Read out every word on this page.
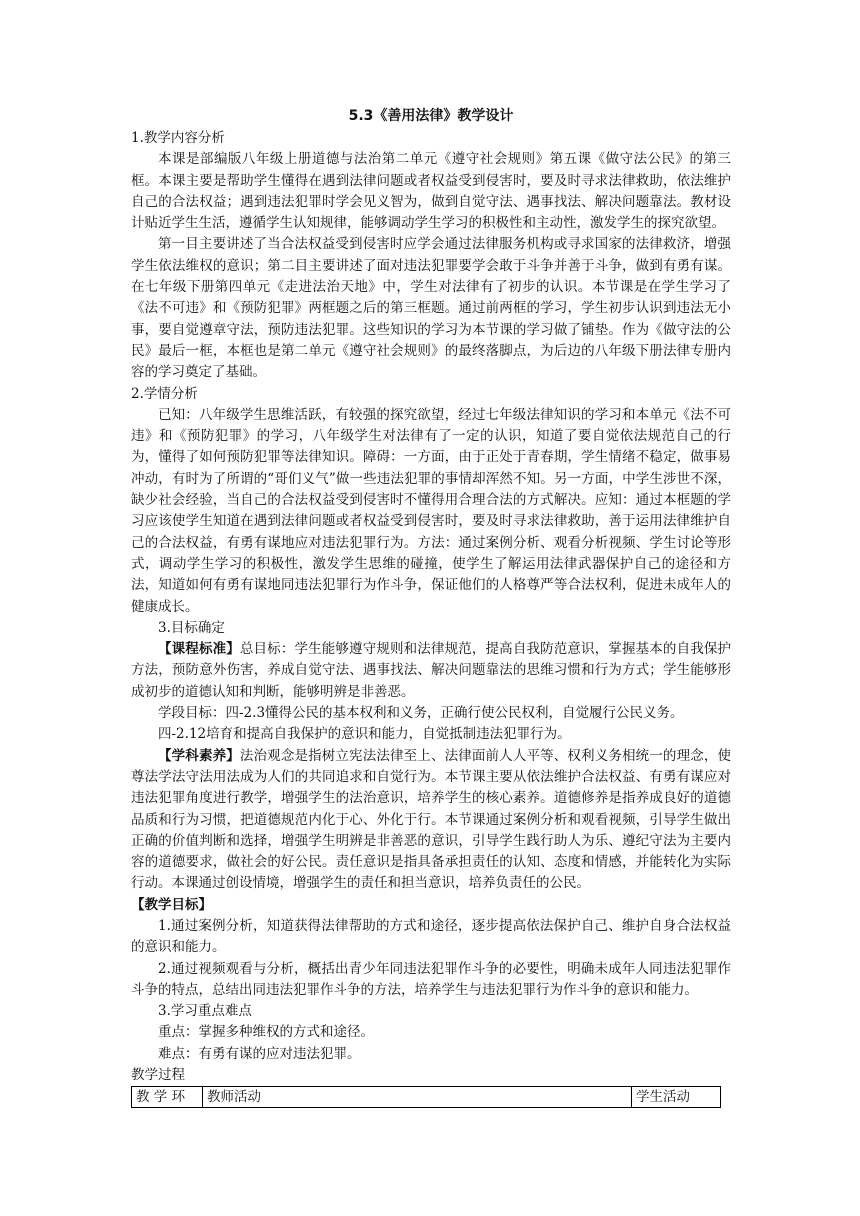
5.3《善用法律》教学设计

1.教学内容分析

本课是部编版八年级上册道德与法治第二单元《遵守社会规则》第五课《做守法公民》的第三框。本课主要是帮助学生懂得在遇到法律问题或者权益受到侵害时，要及时寻求法律救助，依法维护自己的合法权益；遇到违法犯罪时学会见义智为，做到自觉守法、遇事找法、解决问题靠法。教材设计贴近学生生活，遵循学生认知规律，能够调动学生学习的积极性和主动性，激发学生的探究欲望。

第一目主要讲述了当合法权益受到侵害时应学会通过法律服务机构或寻求国家的法律救济，增强学生依法维权的意识；第二目主要讲述了面对违法犯罪要学会敢于斗争并善于斗争，做到有勇有谋。在七年级下册第四单元《走进法治天地》中，学生对法律有了初步的认识。本节课是在学生学习了《法不可违》和《预防犯罪》两框题之后的第三框题。通过前两框的学习，学生初步认识到违法无小事，要自觉遵章守法，预防违法犯罪。这些知识的学习为本节课的学习做了铺垫。作为《做守法的公民》最后一框，本框也是第二单元《遵守社会规则》的最终落脚点，为后边的八年级下册法律专册内容的学习奠定了基础。

2.学情分析

已知：八年级学生思维活跃，有较强的探究欲望，经过七年级法律知识的学习和本单元《法不可违》和《预防犯罪》的学习，八年级学生对法律有了一定的认识，知道了要自觉依法规范自己的行为，懂得了如何预防犯罪等法律知识。障碍：一方面，由于正处于青春期，学生情绪不稳定，做事易冲动，有时为了所谓的“哥们义气”做一些违法犯罪的事情却浑然不知。另一方面，中学生涉世不深，缺少社会经验，当自己的合法权益受到侵害时不懂得用合理合法的方式解决。应知：通过本框题的学习应该使学生知道在遇到法律问题或者权益受到侵害时，要及时寻求法律救助，善于运用法律维护自己的合法权益，有勇有谋地应对违法犯罪行为。方法：通过案例分析、观看分析视频、学生讨论等形式，调动学生学习的积极性，激发学生思维的碰撞，使学生了解运用法律武器保护自己的途径和方法，知道如何有勇有谋地同违法犯罪行为作斗争，保证他们的人格尊严等合法权利，促进未成年人的健康成长。

3.目标确定

【课程标准】总目标：学生能够遵守规则和法律规范，提高自我防范意识，掌握基本的自我保护方法，预防意外伤害，养成自觉守法、遇事找法、解决问题靠法的思维习惯和行为方式；学生能够形成初步的道德认知和判断，能够明辨是非善恶。

学段目标：四-2.3懂得公民的基本权利和义务，正确行使公民权利，自觉履行公民义务。

四-2.12培育和提高自我保护的意识和能力，自觉抵制违法犯罪行为。

【学科素养】法治观念是指树立宪法法律至上、法律面前人人平等、权利义务相统一的理念，使尊法学法守法用法成为人们的共同追求和自觉行为。本节课主要从依法维护合法权益、有勇有谋应对违法犯罪角度进行教学，增强学生的法治意识，培养学生的核心素养。道德修养是指养成良好的道德品质和行为习惯，把道德规范内化于心、外化于行。本节课通过案例分析和观看视频，引导学生做出正确的价值判断和选择，增强学生明辨是非善恶的意识，引导学生践行助人为乐、遵纪守法为主要内容的道德要求，做社会的好公民。责任意识是指具备承担责任的认知、态度和情感，并能转化为实际行动。本课通过创设情境，增强学生的责任和担当意识，培养负责任的公民。

【教学目标】

1.通过案例分析，知道获得法律帮助的方式和途径，逐步提高依法保护自己、维护自身合法权益的意识和能力。

2.通过视频观看与分析，概括出青少年同违法犯罪作斗争的必要性，明确未成年人同违法犯罪作斗争的特点，总结出同违法犯罪作斗争的方法，培养学生与违法犯罪行为作斗争的意识和能力。

3.学习重点难点

重点：掌握多种维权的方式和途径。

难点：有勇有谋的应对违法犯罪。

教学过程

教 学 环	教师活动	学生活动
